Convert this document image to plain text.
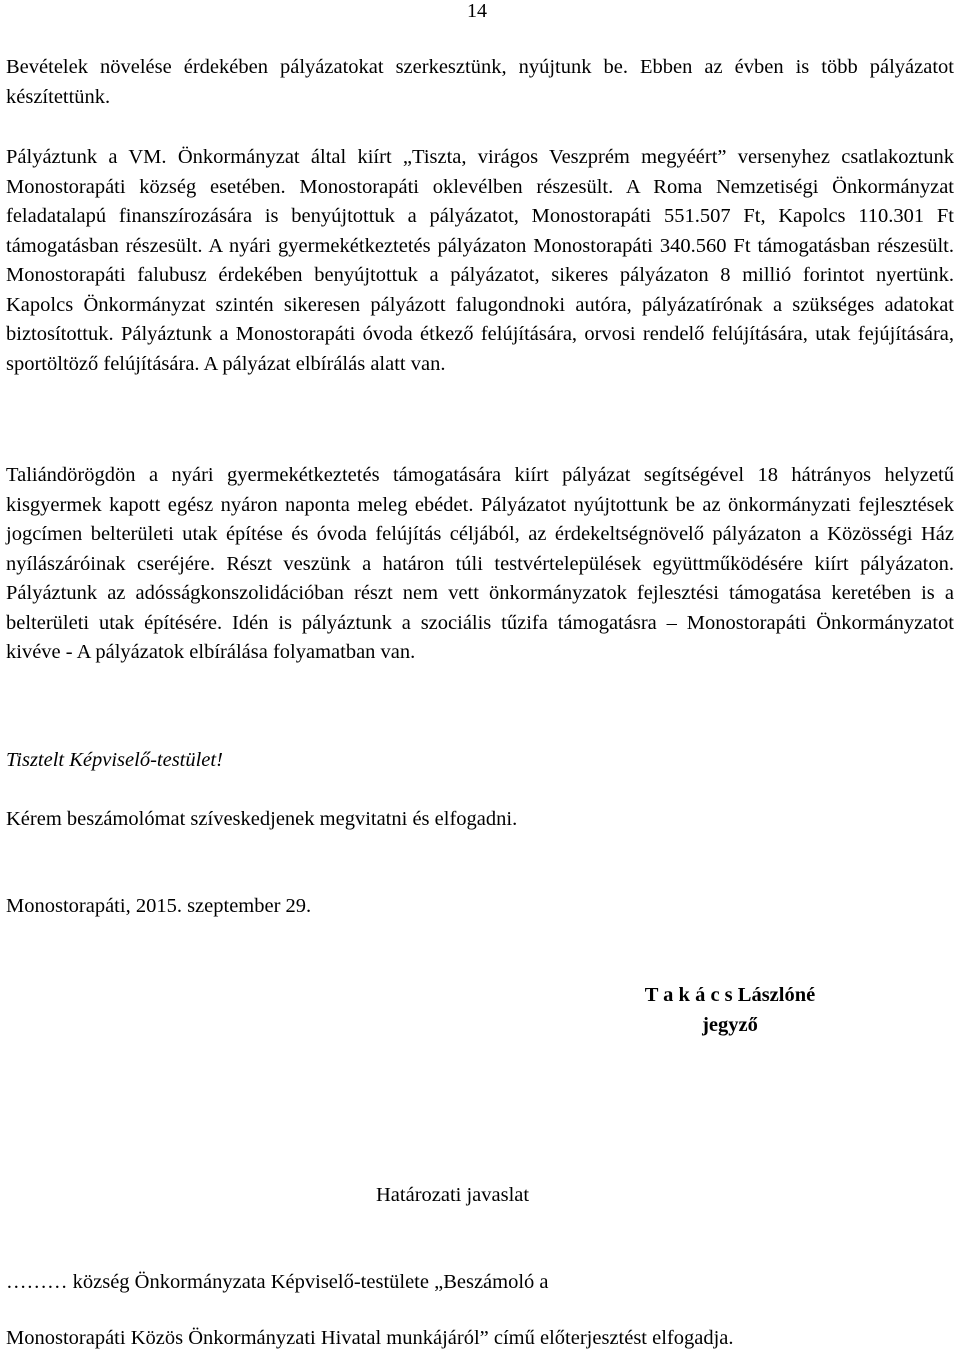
14

Bevételek növelése érdekében pályázatokat szerkesztünk, nyújtunk be. Ebben az évben is több pályázatot készítettünk.

Pályáztunk a VM. Önkormányzat által kiírt „Tiszta, virágos Veszprém megyéért” versenyhez csatlakoztunk Monostorapáti község esetében. Monostorapáti oklevélben részesült. A Roma Nemzetiségi Önkormányzat feladatalapú finanszírozására is benyújtottuk a pályázatot, Monostorapáti 551.507 Ft, Kapolcs 110.301 Ft támogatásban részesült. A nyári gyermekétkeztetés pályázaton Monostorapáti 340.560 Ft támogatásban részesült. Monostorapáti falubusz érdekében benyújtottuk a pályázatot, sikeres pályázaton 8 millió forintot nyertünk. Kapolcs Önkormányzat szintén sikeresen pályázott falugondnoki autóra, pályázatírónak a szükséges adatokat biztosítottuk. Pályáztunk a Monostorapáti óvoda étkező felújítására, orvosi rendelő felújítására, utak fejújítására, sportöltöző felújítására. A pályázat elbírálás alatt van.

Taliándörögdön a nyári gyermekétkeztetés támogatására kiírt pályázat segítségével 18 hátrányos helyzetű kisgyermek kapott egész nyáron naponta meleg ebédet. Pályázatot nyújtottunk be az önkormányzati fejlesztések jogcímen belterületi utak építése és óvoda felújítás céljából, az érdekeltségnövelő pályázaton a Közösségi Ház nyílászáróinak cseréjére. Részt veszünk a határon túli testvértelepülések együttműködésére kiírt pályázaton. Pályáztunk az adósságkonszolidációban részt nem vett önkormányzatok fejlesztési támogatása keretében is a belterületi utak építésére. Idén is pályáztunk a szociális tűzifa támogatásra – Monostorapáti Önkormányzatot kivéve - A pályázatok elbírálása folyamatban van.

Tisztelt Képviselő-testület!
Kérem beszámolómat szíveskedjenek megvitatni és elfogadni.
Monostorapáti, 2015. szeptember 29.
T a k á c s Lászlóné
jegyző
Határozati javaslat
……… község Önkormányzata Képviselő-testülete „Beszámoló a
Monostorapáti Közös Önkormányzati Hivatal munkájáról” című előterjesztést elfogadja.
